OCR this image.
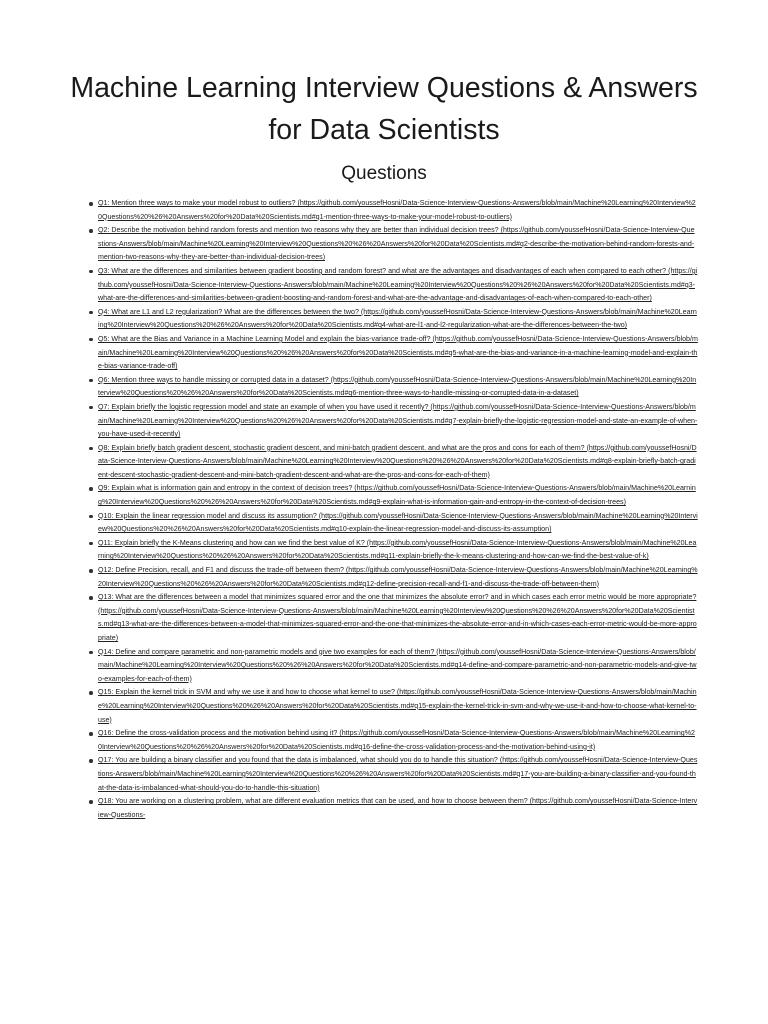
Machine Learning Interview Questions & Answers for Data Scientists
Questions
Q1: Mention three ways to make your model robust to outliers? (https://github.com/youssefHosni/Data-Science-Interview-Questions-Answers/blob/main/Machine%20Learning%20Interview%20Questions%20%26%20Answers%20for%20Data%20Scientists.md#q1-mention-three-ways-to-make-your-model-robust-to-outliers)
Q2: Describe the motivation behind random forests and mention two reasons why they are better than individual decision trees? (https://github.com/youssefHosni/Data-Science-Interview-Questions-Answers/blob/main/Machine%20Learning%20Interview%20Questions%20%26%20Answers%20for%20Data%20Scientists.md#q2-describe-the-motivation-behind-random-forests-and-mention-two-reasons-why-they-are-better-than-individual-decision-trees)
Q3: What are the differences and similarities between gradient boosting and random forest? and what are the advantages and disadvantages of each when compared to each other? (https://github.com/youssefHosni/Data-Science-Interview-Questions-Answers/blob/main/Machine%20Learning%20Interview%20Questions%20%26%20Answers%20for%20Data%20Scientists.md#q3-what-are-the-differences-and-similarities-between-gradient-boosting-and-random-forest-and-what-are-the-advantage-and-disadvantages-of-each-when-compared-to-each-other)
Q4: What are L1 and L2 regularization? What are the differences between the two? (https://github.com/youssefHosni/Data-Science-Interview-Questions-Answers/blob/main/Machine%20Learning%20Interview%20Questions%20%26%20Answers%20for%20Data%20Scientists.md#q4-what-are-l1-and-l2-regularization-what-are-the-differences-between-the-two)
Q5: What are the Bias and Variance in a Machine Learning Model and explain the bias-variance trade-off? (https://github.com/youssefHosni/Data-Science-Interview-Questions-Answers/blob/main/Machine%20Learning%20Interview%20Questions%20%26%20Answers%20for%20Data%20Scientists.md#q5-what-are-the-bias-and-variance-in-a-machine-learning-model-and-explain-the-bias-variance-trade-off)
Q6: Mention three ways to handle missing or corrupted data in a dataset? (https://github.com/youssefHosni/Data-Science-Interview-Questions-Answers/blob/main/Machine%20Learning%20Interview%20Questions%20%26%20Answers%20for%20Data%20Scientists.md#q6-mention-three-ways-to-handle-missing-or-corrupted-data-in-a-dataset)
Q7: Explain briefly the logistic regression model and state an example of when you have used it recently? (https://github.com/youssefHosni/Data-Science-Interview-Questions-Answers/blob/main/Machine%20Learning%20Interview%20Questions%20%26%20Answers%20for%20Data%20Scientists.md#q7-explain-briefly-the-logistic-regression-model-and-state-an-example-of-when-you-have-used-it-recently)
Q8: Explain briefly batch gradient descent, stochastic gradient descent, and mini-batch gradient descent. and what are the pros and cons for each of them? (https://github.com/youssefHosni/Data-Science-Interview-Questions-Answers/blob/main/Machine%20Learning%20Interview%20Questions%20%26%20Answers%20for%20Data%20Scientists.md#q8-explain-briefly-batch-gradient-descent-stochastic-gradient-descent-and-mini-batch-gradient-descent-and-what-are-the-pros-and-cons-for-each-of-them)
Q9: Explain what is information gain and entropy in the context of decision trees? (https://github.com/youssefHosni/Data-Science-Interview-Questions-Answers/blob/main/Machine%20Learning%20Interview%20Questions%20%26%20Answers%20for%20Data%20Scientists.md#q9-explain-what-is-information-gain-and-entropy-in-the-context-of-decision-trees)
Q10: Explain the linear regression model and discuss its assumption? (https://github.com/youssefHosni/Data-Science-Interview-Questions-Answers/blob/main/Machine%20Learning%20Interview%20Questions%20%26%20Answers%20for%20Data%20Scientists.md#q10-explain-the-linear-regression-model-and-discuss-its-assumption)
Q11: Explain briefly the K-Means clustering and how can we find the best value of K? (https://github.com/youssefHosni/Data-Science-Interview-Questions-Answers/blob/main/Machine%20Learning%20Interview%20Questions%20%26%20Answers%20for%20Data%20Scientists.md#q11-explain-briefly-the-k-means-clustering-and-how-can-we-find-the-best-value-of-k)
Q12: Define Precision, recall, and F1 and discuss the trade-off between them? (https://github.com/youssefHosni/Data-Science-Interview-Questions-Answers/blob/main/Machine%20Learning%20Interview%20Questions%20%26%20Answers%20for%20Data%20Scientists.md#q12-define-precision-recall-and-f1-and-discuss-the-trade-off-between-them)
Q13: What are the differences between a model that minimizes squared error and the one that minimizes the absolute error? and in which cases each error metric would be more appropriate? (https://github.com/youssefHosni/Data-Science-Interview-Questions-Answers/blob/main/Machine%20Learning%20Interview%20Questions%20%26%20Answers%20for%20Data%20Scientists.md#q13-what-are-the-differences-between-a-model-that-minimizes-squared-error-and-the-one-that-minimizes-the-absolute-error-and-in-which-cases-each-error-metric-would-be-more-appropriate)
Q14: Define and compare parametric and non-parametric models and give two examples for each of them? (https://github.com/youssefHosni/Data-Science-Interview-Questions-Answers/blob/main/Machine%20Learning%20Interview%20Questions%20%26%20Answers%20for%20Data%20Scientists.md#q14-define-and-compare-parametric-and-non-parametric-models-and-give-two-examples-for-each-of-them)
Q15: Explain the kernel trick in SVM and why we use it and how to choose what kernel to use? (https://github.com/youssefHosni/Data-Science-Interview-Questions-Answers/blob/main/Machine%20Learning%20Interview%20Questions%20%26%20Answers%20for%20Data%20Scientists.md#q15-explain-the-kernel-trick-in-svm-and-why-we-use-it-and-how-to-choose-what-kernel-to-use)
Q16: Define the cross-validation process and the motivation behind using it? (https://github.com/youssefHosni/Data-Science-Interview-Questions-Answers/blob/main/Machine%20Learning%20Interview%20Questions%20%26%20Answers%20for%20Data%20Scientists.md#q16-define-the-cross-validation-process-and-the-motivation-behind-using-it)
Q17: You are building a binary classifier and you found that the data is imbalanced, what should you do to handle this situation? (https://github.com/youssefHosni/Data-Science-Interview-Questions-Answers/blob/main/Machine%20Learning%20Interview%20Questions%20%26%20Answers%20for%20Data%20Scientists.md#q17-you-are-building-a-binary-classifier-and-you-found-that-the-data-is-imbalanced-what-should-you-do-to-handle-this-situation)
Q18: You are working on a clustering problem, what are different evaluation metrics that can be used, and how to choose between them? (https://github.com/youssefHosni/Data-Science-Interview-Questions-
